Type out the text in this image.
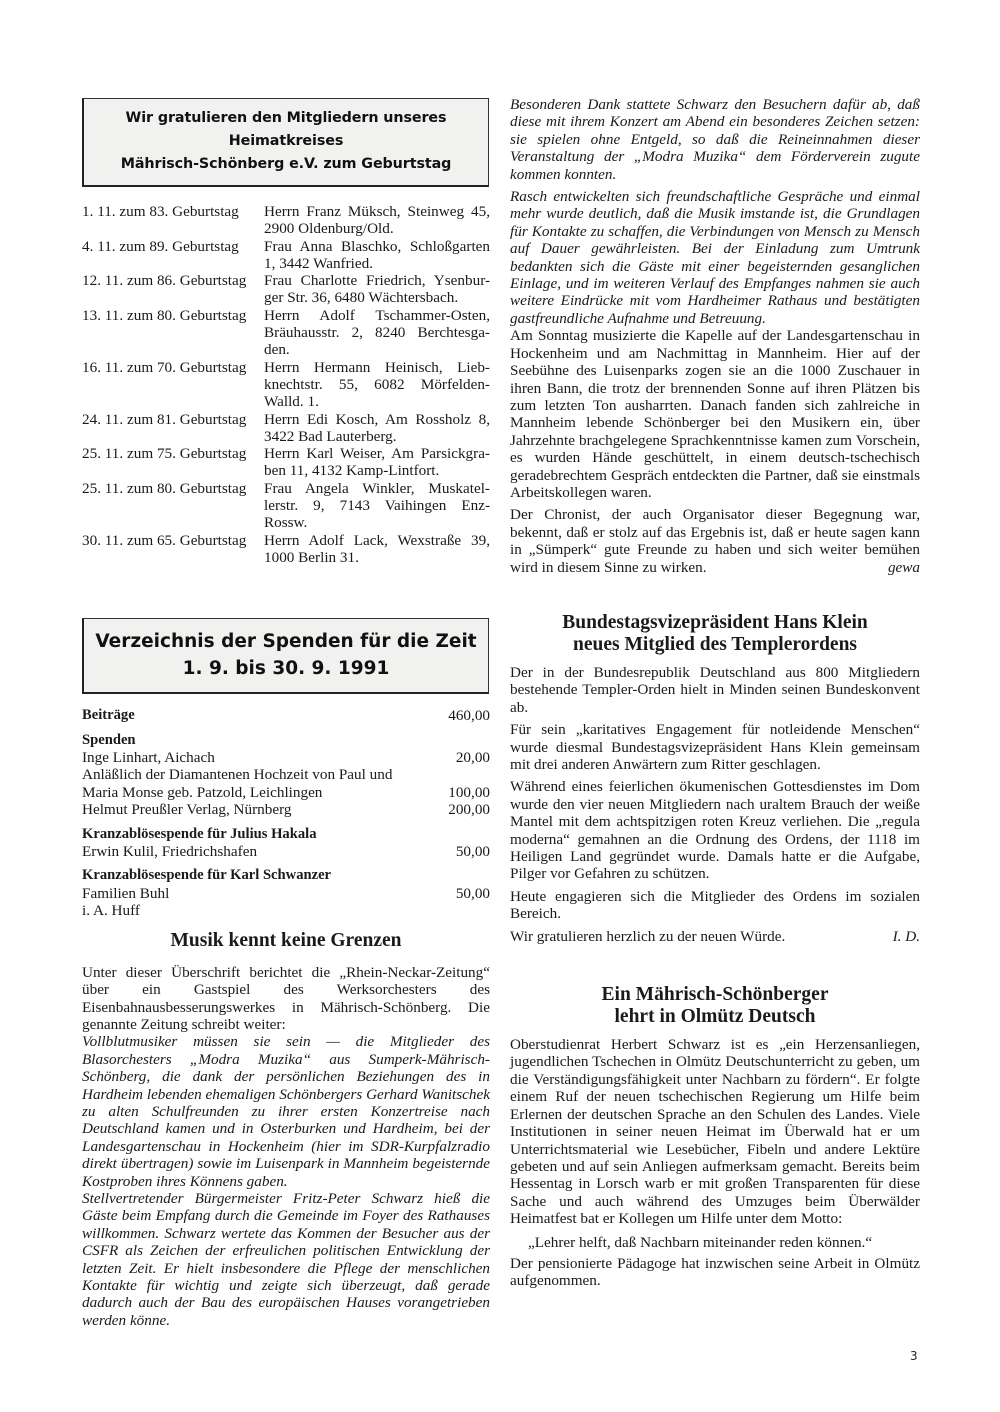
Wir gratulieren den Mitgliedern unseres Heimatkreises
Mährisch-Schönberg e.V. zum Geburtstag
1. 11. zum 83. Geburtstag	Herrn Franz Müksch, Steinweg 45,
2900 Oldenburg/Old.
4. 11. zum 89. Geburtstag	Frau Anna Blaschko, Schloßgarten
1, 3442 Wanfried.
12. 11. zum 86. Geburtstag	Frau Charlotte Friedrich, Ysenbur-
ger Str. 36, 6480 Wächtersbach.
13. 11. zum 80. Geburtstag	Herrn Adolf Tschammer-Osten,
Bräuhausstr. 2, 8240 Berchtesga-
den.
16. 11. zum 70. Geburtstag	Herrn Hermann Heinisch, Lieb-
knechtstr. 55, 6082 Mörfelden-
Walld. 1.
24. 11. zum 81. Geburtstag	Herrn Edi Kosch, Am Rossholz 8,
3422 Bad Lauterberg.
25. 11. zum 75. Geburtstag	Herrn Karl Weiser, Am Parsickgra-
ben 11, 4132 Kamp-Lintfort.
25. 11. zum 80. Geburtstag	Frau Angela Winkler, Muskatel-
lerstr. 9, 7143 Vaihingen Enz-
Rossw.
30. 11. zum 65. Geburtstag	Herrn Adolf Lack, Wexstraße 39,
1000 Berlin 31.
Verzeichnis der Spenden für die Zeit
1. 9. bis 30. 9. 1991
Beiträge	460,00
Spenden
Inge Linhart, Aichach	20,00
Anläßlich der Diamantenen Hochzeit von Paul und
Maria Monse geb. Patzold, Leichlingen	100,00
Helmut Preußler Verlag, Nürnberg	200,00
Kranzablösespende für Julius Hakala
Erwin Kulil, Friedrichshafen	50,00
Kranzablösespende für Karl Schwanzer
Familien Buhl	50,00
i. A. Huff
Musik kennt keine Grenzen

Unter dieser Überschrift berichtet die „Rhein-Neckar-Zeitung“ über ein Gastspiel des Werksorchesters des Eisenbahnausbesserungswerkes in Mährisch-Schönberg. Die genannte Zeitung schreibt weiter:

Vollblutmusiker müssen sie sein — die Mitglieder des Blasorchesters „Modra Muzika“ aus Sumperk-Mährisch-Schönberg, die dank der persönlichen Beziehungen des in Hardheim lebenden ehemaligen Schönbergers Gerhard Wanitschek zu alten Schulfreunden zu ihrer ersten Konzertreise nach Deutschland kamen und in Osterburken und Hardheim, bei der Landesgartenschau in Hockenheim (hier im SDR-Kurpfalzradio direkt übertragen) sowie im Luisenpark in Mannheim begeisternde Kostproben ihres Könnens gaben.

Stellvertretender Bürgermeister Fritz-Peter Schwarz hieß die Gäste beim Empfang durch die Gemeinde im Foyer des Rathauses willkommen. Schwarz wertete das Kommen der Besucher aus der CSFR als Zeichen der erfreulichen politischen Entwicklung der letzten Zeit. Er hielt insbesondere die Pflege der menschlichen Kontakte für wichtig und zeigte sich überzeugt, daß gerade dadurch auch der Bau des europäischen Hauses vorangetrieben werden könne.

Besonderen Dank stattete Schwarz den Besuchern dafür ab, daß diese mit ihrem Konzert am Abend ein besonderes Zeichen setzen: sie spielen ohne Entgeld, so daß die Reineinnahmen dieser Veranstaltung der „Modra Muzika“ dem Förderverein zugute kommen konnten.

Rasch entwickelten sich freundschaftliche Gespräche und einmal mehr wurde deutlich, daß die Musik imstande ist, die Grundlagen für Kontakte zu schaffen, die Verbindungen von Mensch zu Mensch auf Dauer gewährleisten. Bei der Einladung zum Umtrunk bedankten sich die Gäste mit einer begeisternden gesanglichen Einlage, und im weiteren Verlauf des Empfanges nahmen sie auch weitere Eindrücke mit vom Hardheimer Rathaus und bestätigten gastfreundliche Aufnahme und Betreuung.

Am Sonntag musizierte die Kapelle auf der Landesgartenschau in Hockenheim und am Nachmittag in Mannheim. Hier auf der Seebühne des Luisenparks zogen sie an die 1000 Zuschauer in ihren Bann, die trotz der brennenden Sonne auf ihren Plätzen bis zum letzten Ton ausharrten. Danach fanden sich zahlreiche in Mannheim lebende Schönberger bei den Musikern ein, über Jahrzehnte brachgelegene Sprachkenntnisse kamen zum Vorschein, es wurden Hände geschüttelt, in einem deutsch-tschechisch geradebrechtem Gespräch entdeckten die Partner, daß sie einstmals Arbeitskollegen waren.

Der Chronist, der auch Organisator dieser Begegnung war, bekennt, daß er stolz auf das Ergebnis ist, daß er heute sagen kann in „Sümperk“ gute Freunde zu haben und sich weiter bemühen wird in diesem Sinne zu wirken.	gewa

Bundestagsvizepräsident Hans Klein
neues Mitglied des Templerordens

Der in der Bundesrepublik Deutschland aus 800 Mitgliedern bestehende Templer-Orden hielt in Minden seinen Bundeskonvent ab.

Für sein „karitatives Engagement für notleidende Menschen“ wurde diesmal Bundestagsvizepräsident Hans Klein gemeinsam mit drei anderen Anwärtern zum Ritter geschlagen.

Während eines feierlichen ökumenischen Gottesdienstes im Dom wurde den vier neuen Mitgliedern nach uraltem Brauch der weiße Mantel mit dem achtspitzigen roten Kreuz verliehen. Die „regula moderna“ gemahnen an die Ordnung des Ordens, der 1118 im Heiligen Land gegründet wurde. Damals hatte er die Aufgabe, Pilger vor Gefahren zu schützen.

Heute engagieren sich die Mitglieder des Ordens im sozialen Bereich.

Wir gratulieren herzlich zu der neuen Würde.	I. D.

Ein Mährisch-Schönberger
lehrt in Olmütz Deutsch

Oberstudienrat Herbert Schwarz ist es „ein Herzensanliegen, jugendlichen Tschechen in Olmütz Deutschunterricht zu geben, um die Verständigungsfähigkeit unter Nachbarn zu fördern“. Er folgte einem Ruf der neuen tschechischen Regierung um Hilfe beim Erlernen der deutschen Sprache an den Schulen des Landes. Viele Institutionen in seiner neuen Heimat im Überwald hat er um Unterrichtsmaterial wie Lesebücher, Fibeln und andere Lektüre gebeten und auf sein Anliegen aufmerksam gemacht. Bereits beim Hessentag in Lorsch warb er mit großen Transparenten für diese Sache und auch während des Umzuges beim Überwälder Heimatfest bat er Kollegen um Hilfe unter dem Motto:

„Lehrer helft, daß Nachbarn miteinander reden können.“

Der pensionierte Pädagoge hat inzwischen seine Arbeit in Olmütz aufgenommen.

3
